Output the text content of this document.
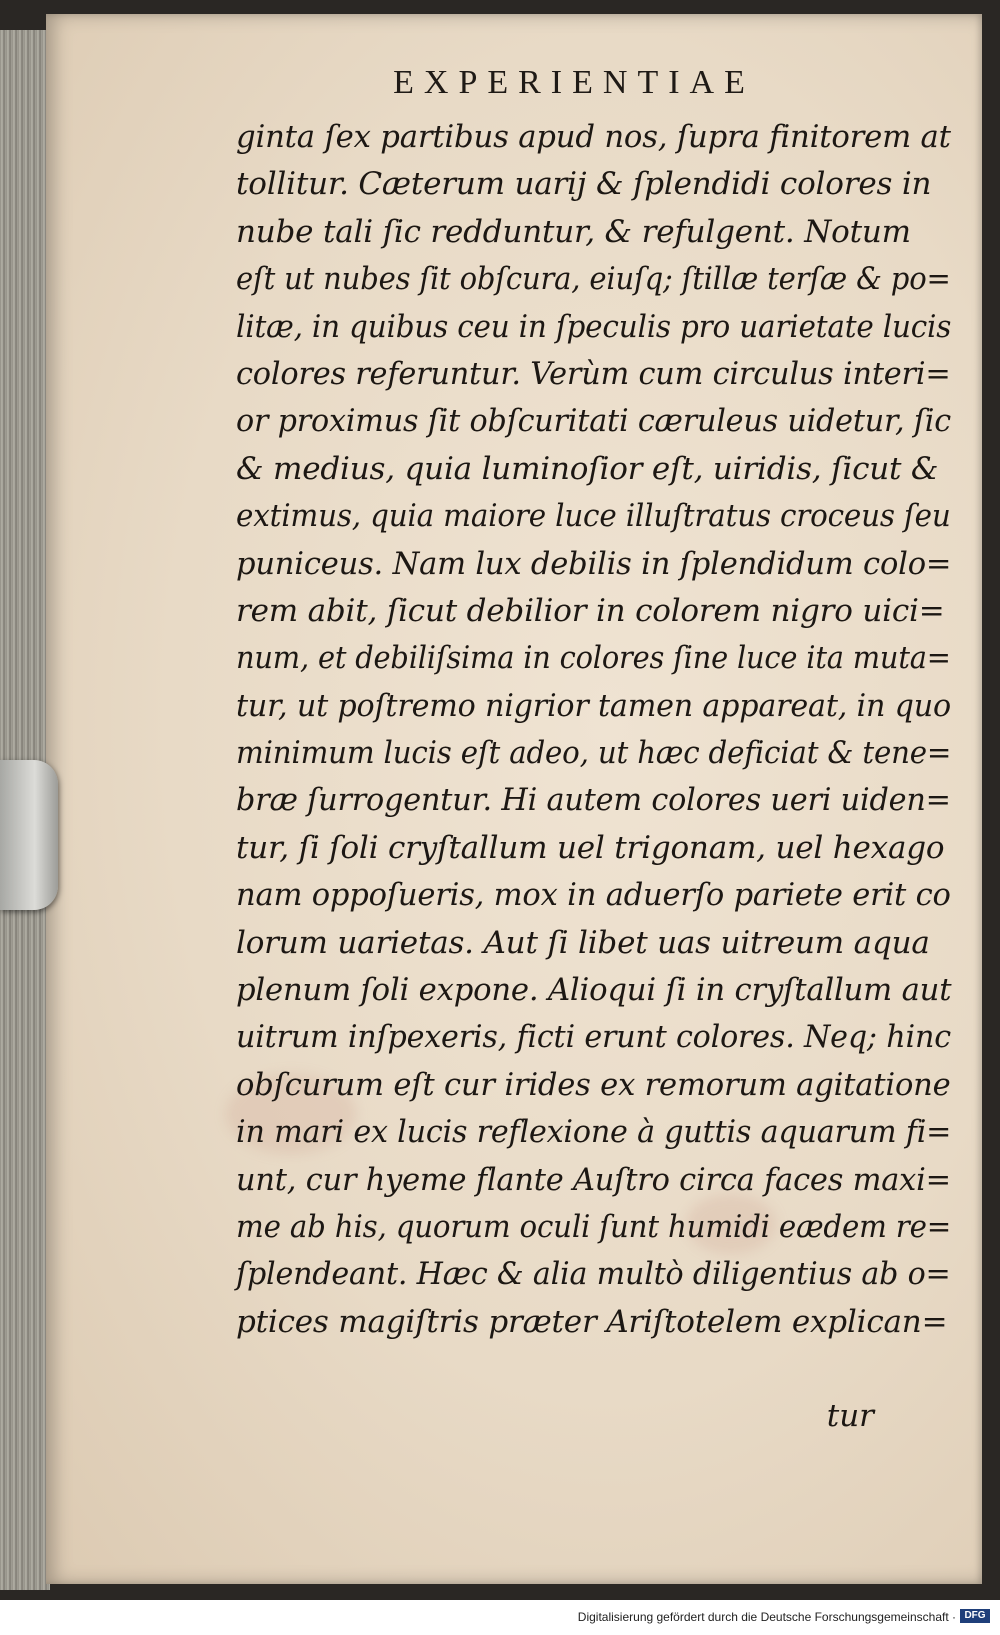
EXPERIENTIAE
ginta ſex partibus apud nos, ſupra finitorem at
tollitur. Cæterum uarij & ſplendidi colores in
nube tali ſic redduntur, & refulgent. Notum
eſt ut nubes ſit obſcura, eiuſq; ſtillæ terſæ & po=
litæ, in quibus ceu in ſpeculis pro uarietate lucis
colores referuntur. Verùm cum circulus interi=
or proximus ſit obſcuritati cæruleus uidetur, ſic
& medius, quia luminoſior eſt, uiridis, ſicut &
extimus, quia maiore luce illuſtratus croceus ſeu
puniceus. Nam lux debilis in ſplendidum colo=
rem abit, ſicut debilior in colorem nigro uici=
num, et debiliſsima in colores ſine luce ita muta=
tur, ut poſtremo nigrior tamen appareat, in quo
minimum lucis eſt adeo, ut hæc deficiat & tene=
bræ ſurrogentur. Hi autem colores ueri uiden=
tur, ſi ſoli cryſtallum uel trigonam, uel hexago
nam oppoſueris, mox in aduerſo pariete erit co
lorum uarietas. Aut ſi libet uas uitreum aqua
plenum ſoli expone. Alioqui ſi in cryſtallum aut
uitrum inſpexeris, ficti erunt colores. Neq; hinc
obſcurum eſt cur irides ex remorum agitatione
in mari ex lucis reflexione à guttis aquarum fi=
unt, cur hyeme flante Auſtro circa faces maxi=
me ab his, quorum oculi ſunt humidi eædem re=
ſplendeant. Hæc & alia multò diligentius ab o=
ptices magiſtris præter Ariſtotelem explican=
tur
Digitalisierung gefördert durch die Deutsche Forschungsgemeinschaft · DFG
